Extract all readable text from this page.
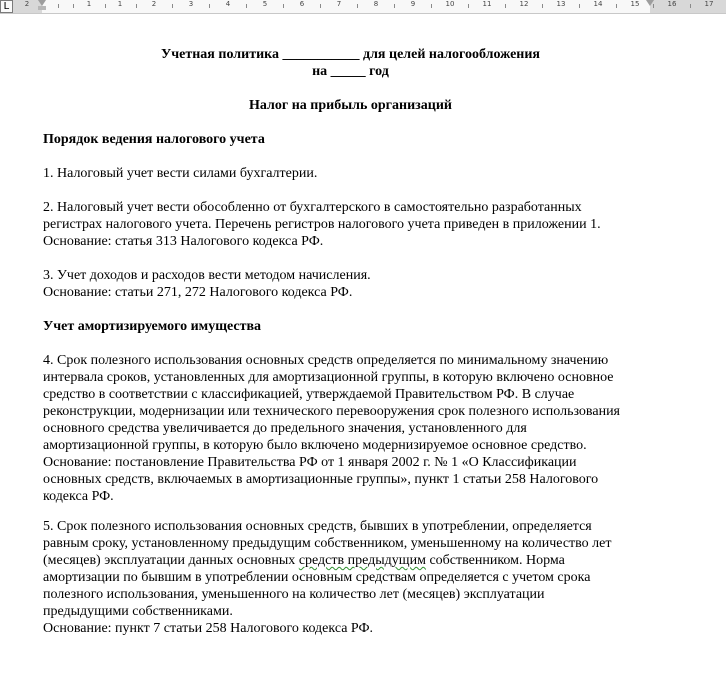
L	2	1	1	2	3	4	5	6	7	8	9	10	11	12	13	14	15	16	17
Учетная политика ___________ для целей налогообложения
на _____ год
Налог на прибыль организаций
Порядок ведения налогового учета
1. Налоговый учет вести силами бухгалтерии.
2. Налоговый учет вести обособленно от бухгалтерского в самостоятельно разработанных
регистрах налогового учета. Перечень регистров налогового учета приведен в приложении 1.
Основание: статья 313 Налогового кодекса РФ.
3. Учет доходов и расходов вести методом начисления.
Основание: статьи 271, 272 Налогового кодекса РФ.
Учет амортизируемого имущества
4. Срок полезного использования основных средств определяется по минимальному значению
интервала сроков, установленных для амортизационной группы, в которую включено основное
средство в соответствии с классификацией, утверждаемой Правительством РФ. В случае
реконструкции, модернизации или технического перевооружения срок полезного использования
основного средства увеличивается до предельного значения, установленного для
амортизационной группы, в которую было включено модернизируемое основное средство.
Основание: постановление Правительства РФ от 1 января 2002 г. № 1 «О Классификации
основных средств, включаемых в амортизационные группы», пункт 1 статьи 258 Налогового
кодекса РФ.
5. Срок полезного использования основных средств, бывших в употреблении, определяется
равным сроку, установленному предыдущим собственником, уменьшенному на количество лет
(месяцев) эксплуатации данных основных средств предыдущим собственником. Норма
амортизации по бывшим в употреблении основным средствам определяется с учетом срока
полезного использования, уменьшенного на количество лет (месяцев) эксплуатации
предыдущими собственниками.
Основание: пункт 7 статьи 258 Налогового кодекса РФ.
